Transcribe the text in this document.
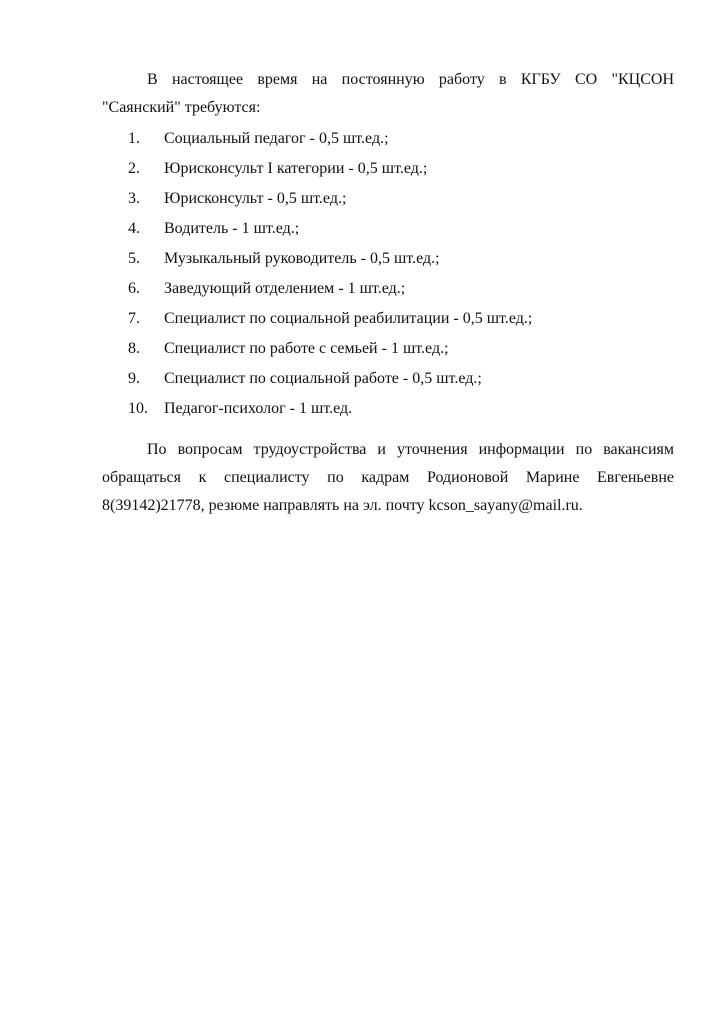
В настоящее время на постоянную работу в КГБУ СО "КЦСОН
"Саянский" требуются:

1.	Социальный педагог - 0,5 шт.ед.;
2.	Юрисконсульт I категории - 0,5 шт.ед.;
3.	Юрисконсульт - 0,5 шт.ед.;
4.	Водитель - 1 шт.ед.;
5.	Музыкальный руководитель - 0,5 шт.ед.;
6.	Заведующий отделением - 1 шт.ед.;
7.	Специалист по социальной реабилитации - 0,5 шт.ед.;
8.	Специалист по работе с семьей - 1 шт.ед.;
9.	Специалист по социальной работе - 0,5 шт.ед.;
10.	Педагог-психолог - 1 шт.ед.

По вопросам трудоустройства и уточнения информации по вакансиям
обращаться к специалисту по кадрам Родионовой Марине Евгеньевне
8(39142)21778, резюме направлять на эл. почту kcson_sayany@mail.ru.
